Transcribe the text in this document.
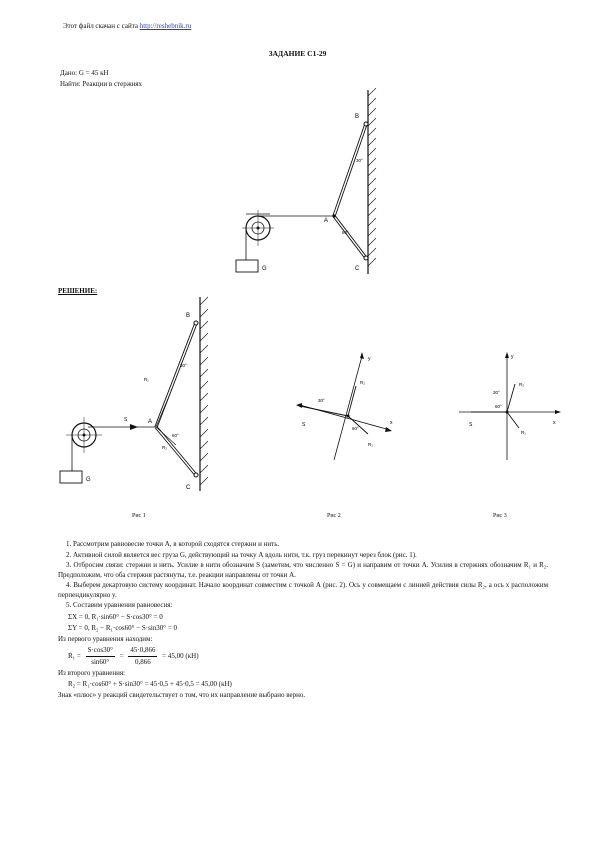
Этот файл скачан с сайта http://reshebnik.ru
ЗАДАНИЕ С1-29
Дано: G = 45 кН
Найти: Реакции в стержнях
B
A
C
G
30°
60°
РЕШЕНИЕ:
B
A
C
G
S
R₁
R₂
30°
60°
y
x
S
R₂
R₁
30°
60°
y
x
S
R₂
R₁
30°
60°
Рис 1	Рис 2	Рис 3

1. Рассмотрим равновесие точки А, в которой сходятся стержни и нить.

2. Активной силой является вес груза G, действующий на точку А вдоль нити, т.к. груз перекинут через блок (рис. 1).

3. Отбросим связи: стержни и нить. Усилие в нити обозначим S (заметим, что численно S = G) и направим от точки А. Усилия в стержнях обозначим R₁ и R₂. Предположим, что оба стержня растянуты, т.е. реакции направлены от точки А.

4. Выберем декартовую систему координат. Начало координат совместим с точкой А (рис. 2). Ось y совмещаем с линией действия силы R₂, а ось x расположим перпендикулярно y.

5. Составим уравнения равновесия:

ΣX = 0, R₁·sin60° − S·cos30° = 0
ΣY = 0, R₂ − R₁·cos60° − S·sin30° = 0
Из первого уравнения находим:
$R_1 = \frac{S\cdot\cos 30^\circ}{\sin 60^\circ} = \frac{45\cdot 0,866}{0,866} = 45,00$ (кН)
Из второго уравнения:
R₂ = R₁·cos60° + S·sin30° = 45·0,5 + 45·0,5 = 45,00 (кН)
Знак «плюс» у реакций свидетельствует о том, что их направление выбрано верно.
